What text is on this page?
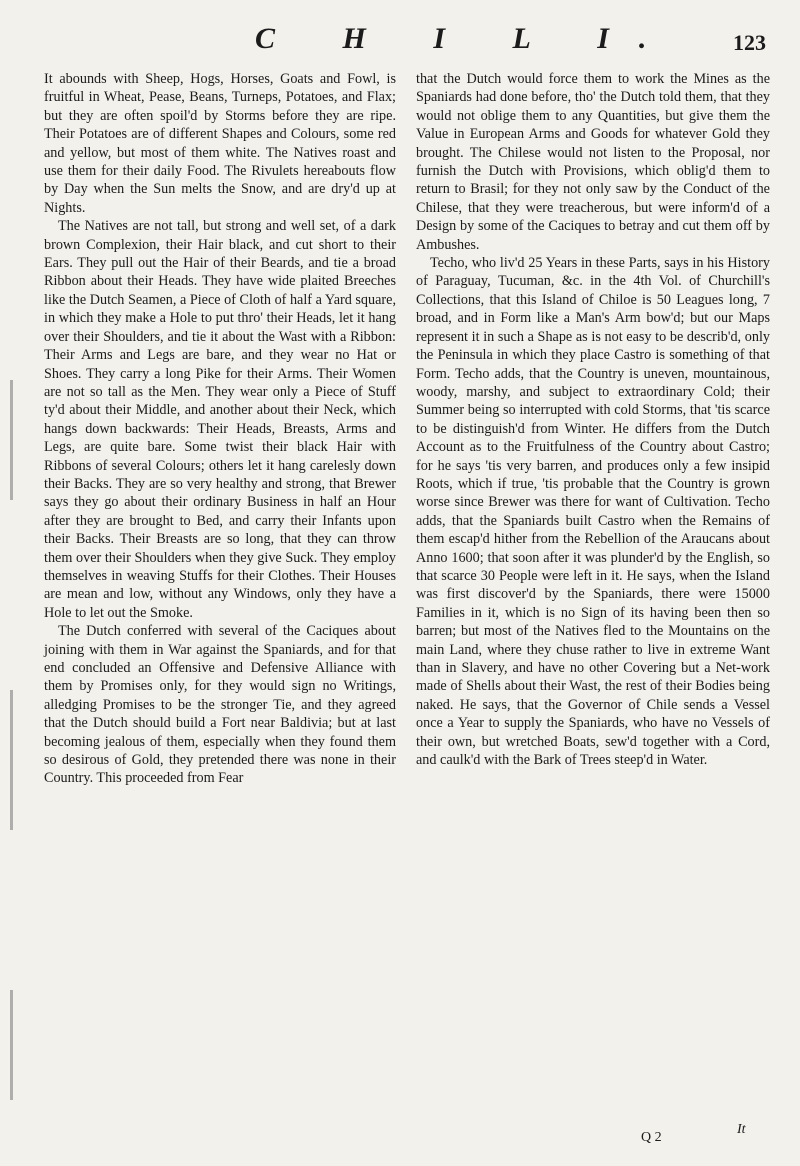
C H I L I.	123

It abounds with Sheep, Hogs, Horses, Goats and Fowl, is fruitful in Wheat, Pease, Beans, Turneps, Potatoes, and Flax; but they are often spoil'd by Storms before they are ripe. Their Potatoes are of different Shapes and Colours, some red and yellow, but most of them white. The Natives roast and use them for their daily Food. The Rivulets hereabouts flow by Day when the Sun melts the Snow, and are dry'd up at Nights.

The Natives are not tall, but strong and well set, of a dark brown Complexion, their Hair black, and cut short to their Ears. They pull out the Hair of their Beards, and tie a broad Ribbon about their Heads. They have wide plaited Breeches like the Dutch Seamen, a Piece of Cloth of half a Yard square, in which they make a Hole to put thro' their Heads, let it hang over their Shoulders, and tie it about the Wast with a Ribbon: Their Arms and Legs are bare, and they wear no Hat or Shoes. They carry a long Pike for their Arms. Their Women are not so tall as the Men. They wear only a Piece of Stuff ty'd about their Middle, and another about their Neck, which hangs down backwards: Their Heads, Breasts, Arms and Legs, are quite bare. Some twist their black Hair with Ribbons of several Colours; others let it hang carelesly down their Backs. They are so very healthy and strong, that Brewer says they go about their ordinary Business in half an Hour after they are brought to Bed, and carry their Infants upon their Backs. Their Breasts are so long, that they can throw them over their Shoulders when they give Suck. They employ themselves in weaving Stuffs for their Clothes. Their Houses are mean and low, without any Windows, only they have a Hole to let out the Smoke.

The Dutch conferred with several of the Caciques about joining with them in War against the Spaniards, and for that end concluded an Offensive and Defensive Alliance with them by Promises only, for they would sign no Writings, alledging Promises to be the stronger Tie, and they agreed that the Dutch should build a Fort near Baldivia; but at last becoming jealous of them, especially when they found them so desirous of Gold, they pretended there was none in their Country. This proceeded from Fear

that the Dutch would force them to work the Mines as the Spaniards had done before, tho' the Dutch told them, that they would not oblige them to any Quantities, but give them the Value in European Arms and Goods for whatever Gold they brought. The Chilese would not listen to the Proposal, nor furnish the Dutch with Provisions, which oblig'd them to return to Brasil; for they not only saw by the Conduct of the Chilese, that they were treacherous, but were inform'd of a Design by some of the Caciques to betray and cut them off by Ambushes.

Techo, who liv'd 25 Years in these Parts, says in his History of Paraguay, Tucuman, &c. in the 4th Vol. of Churchill's Collections, that this Island of Chiloe is 50 Leagues long, 7 broad, and in Form like a Man's Arm bow'd; but our Maps represent it in such a Shape as is not easy to be describ'd, only the Peninsula in which they place Castro is something of that Form. Techo adds, that the Country is uneven, mountainous, woody, marshy, and subject to extraordinary Cold; their Summer being so interrupted with cold Storms, that 'tis scarce to be distinguish'd from Winter. He differs from the Dutch Account as to the Fruitfulness of the Country about Castro; for he says 'tis very barren, and produces only a few insipid Roots, which if true, 'tis probable that the Country is grown worse since Brewer was there for want of Cultivation. Techo adds, that the Spaniards built Castro when the Remains of them escap'd hither from the Rebellion of the Araucans about Anno 1600; that soon after it was plunder'd by the English, so that scarce 30 People were left in it. He says, when the Island was first discover'd by the Spaniards, there were 15000 Families in it, which is no Sign of its having been then so barren; but most of the Natives fled to the Mountains on the main Land, where they chuse rather to live in extreme Want than in Slavery, and have no other Covering but a Net-work made of Shells about their Wast, the rest of their Bodies being naked. He says, that the Governor of Chile sends a Vessel once a Year to supply the Spaniards, who have no Vessels of their own, but wretched Boats, sew'd together with a Cord, and caulk'd with the Bark of Trees steep'd in Water.

Q 2
It
